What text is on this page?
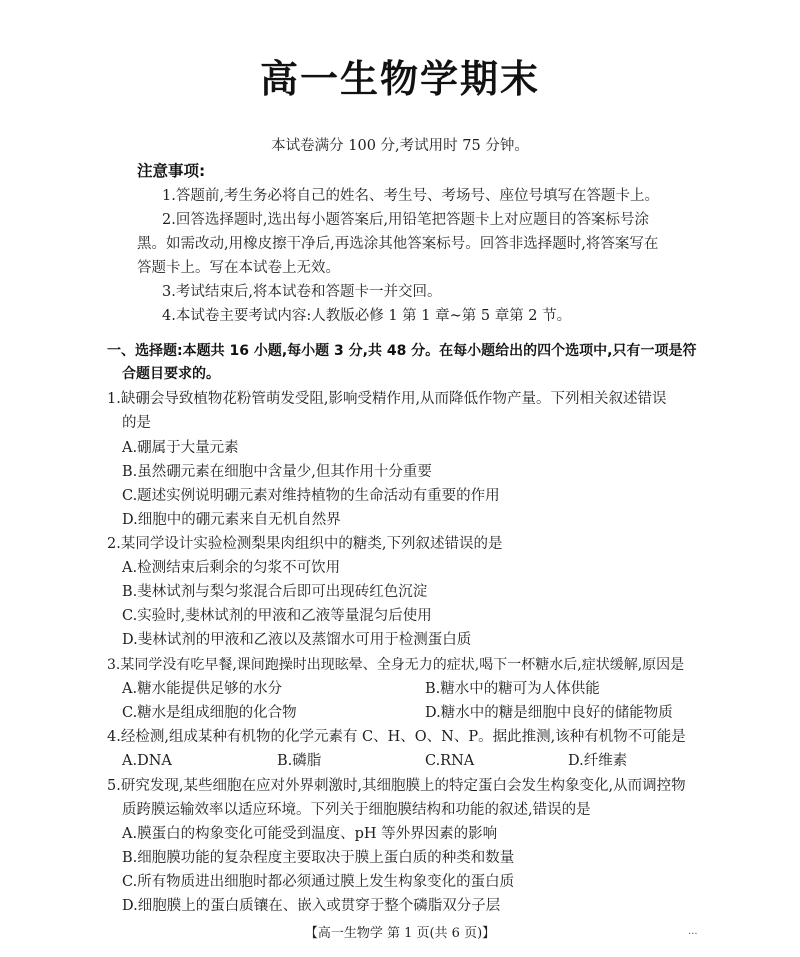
高一生物学期末
本试卷满分 100 分,考试用时 75 分钟。
注意事项:
1.答题前,考生务必将自己的姓名、考生号、考场号、座位号填写在答题卡上。
2.回答选择题时,选出每小题答案后,用铅笔把答题卡上对应题目的答案标号涂
黑。如需改动,用橡皮擦干净后,再选涂其他答案标号。回答非选择题时,将答案写在
答题卡上。写在本试卷上无效。
3.考试结束后,将本试卷和答题卡一并交回。
4.本试卷主要考试内容:人教版必修 1 第 1 章~第 5 章第 2 节。
一、选择题:本题共 16 小题,每小题 3 分,共 48 分。在每小题给出的四个选项中,只有一项是符
合题目要求的。
1.缺硼会导致植物花粉管萌发受阻,影响受精作用,从而降低作物产量。下列相关叙述错误
的是
A.硼属于大量元素
B.虽然硼元素在细胞中含量少,但其作用十分重要
C.题述实例说明硼元素对维持植物的生命活动有重要的作用
D.细胞中的硼元素来自无机自然界
2.某同学设计实验检测梨果肉组织中的糖类,下列叙述错误的是
A.检测结束后剩余的匀浆不可饮用
B.斐林试剂与梨匀浆混合后即可出现砖红色沉淀
C.实验时,斐林试剂的甲液和乙液等量混匀后使用
D.斐林试剂的甲液和乙液以及蒸馏水可用于检测蛋白质
3.某同学没有吃早餐,课间跑操时出现眩晕、全身无力的症状,喝下一杯糖水后,症状缓解,原因是
A.糖水能提供足够的水分	B.糖水中的糖可为人体供能
C.糖水是组成细胞的化合物	D.糖水中的糖是细胞中良好的储能物质
4.经检测,组成某种有机物的化学元素有 C、H、O、N、P。据此推测,该种有机物不可能是
A.DNA	B.磷脂	C.RNA	D.纤维素
5.研究发现,某些细胞在应对外界刺激时,其细胞膜上的特定蛋白会发生构象变化,从而调控物
质跨膜运输效率以适应环境。下列关于细胞膜结构和功能的叙述,错误的是
A.膜蛋白的构象变化可能受到温度、pH 等外界因素的影响
B.细胞膜功能的复杂程度主要取决于膜上蛋白质的种类和数量
C.所有物质进出细胞时都必须通过膜上发生构象变化的蛋白质
D.细胞膜上的蛋白质镶在、嵌入或贯穿于整个磷脂双分子层
【高一生物学 第 1 页(共 6 页)】	...
